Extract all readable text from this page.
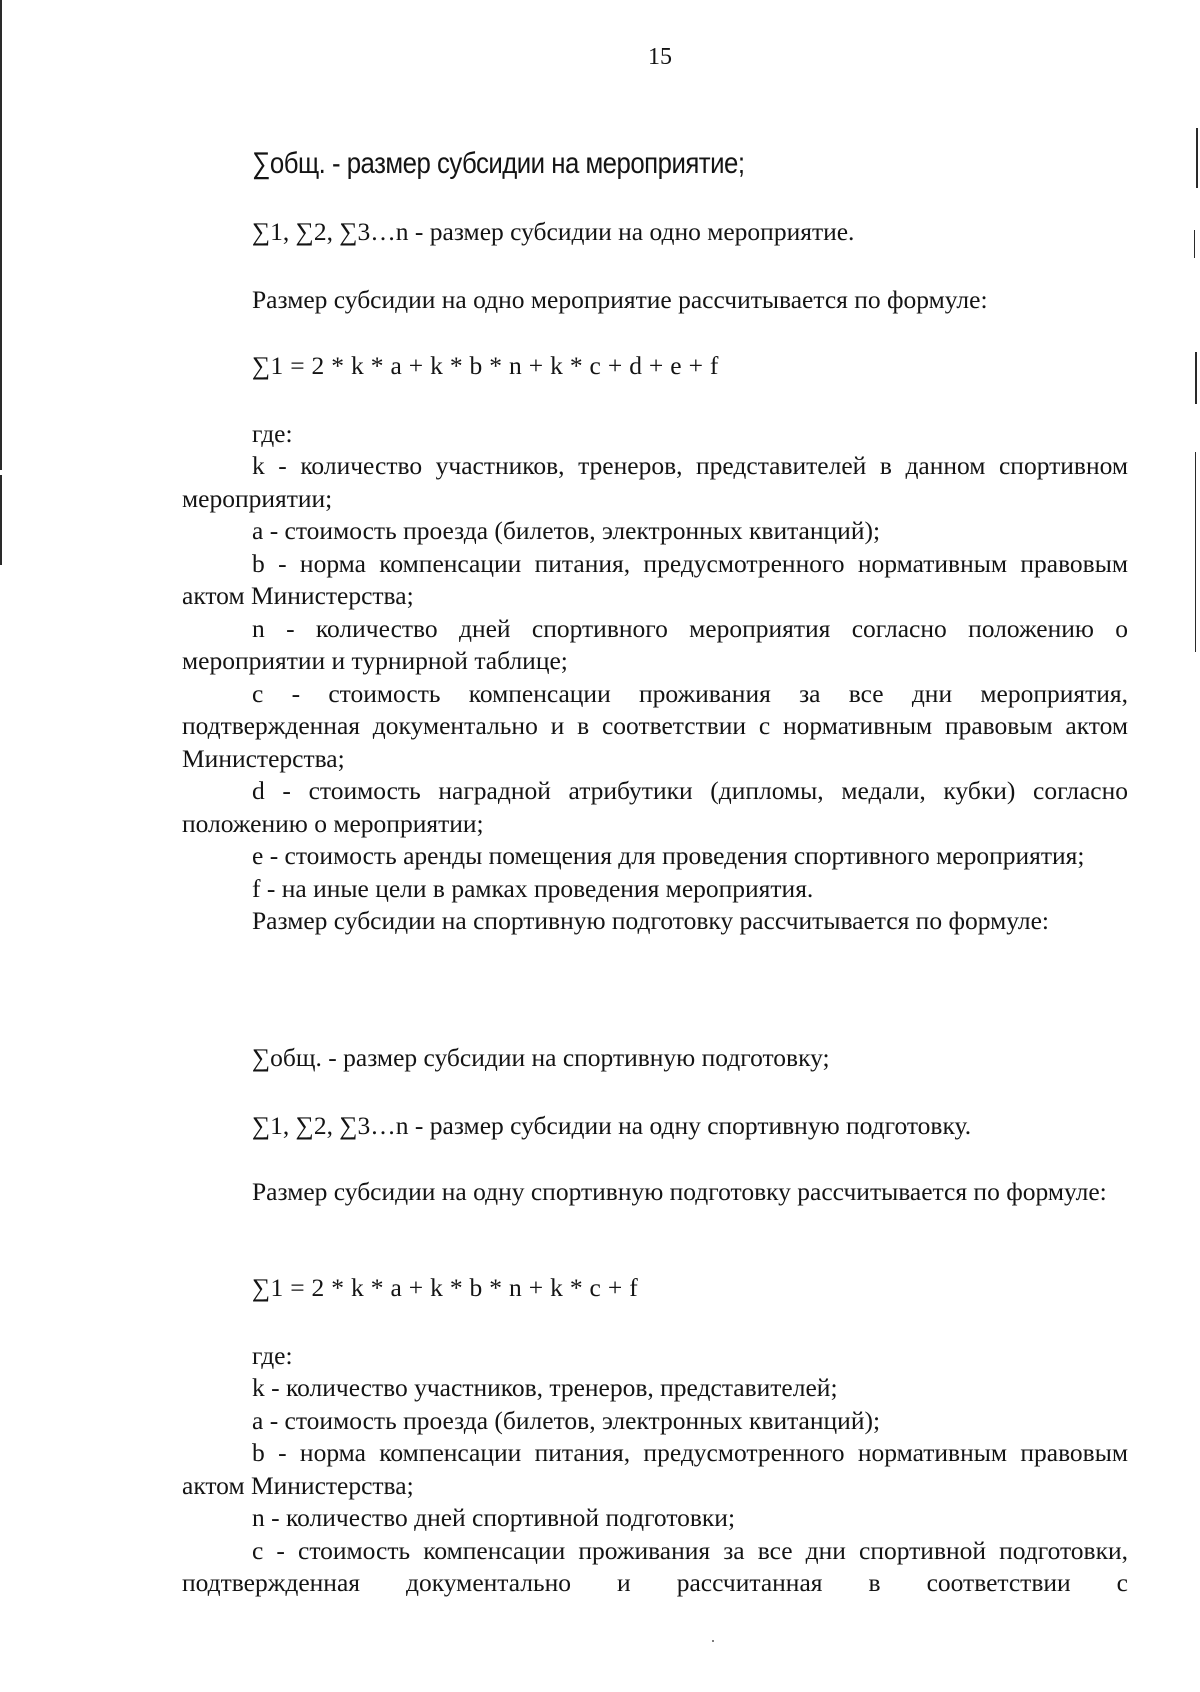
15
∑общ. - размер субсидии на мероприятие;
∑1, ∑2, ∑3…n - размер субсидии на одно мероприятие.
Размер субсидии на одно мероприятие рассчитывается по формуле:
∑1 = 2 * k * a + k * b * n + k * c + d + e + f
где:

k - количество участников, тренеров, представителей в данном спортивном мероприятии;

a - стоимость проезда (билетов, электронных квитанций);

b - норма компенсации питания, предусмотренного нормативным правовым актом Министерства;

n - количество дней спортивного мероприятия согласно положению о мероприятии и турнирной таблице;

c - стоимость компенсации проживания за все дни мероприятия, подтвержденная документально и в соответствии с нормативным правовым актом Министерства;

d - стоимость наградной атрибутики (дипломы, медали, кубки) согласно положению о мероприятии;

e - стоимость аренды помещения для проведения спортивного мероприятия;

f - на иные цели в рамках проведения мероприятия.

Размер субсидии на спортивную подготовку рассчитывается по формуле:

∑общ. - размер субсидии на спортивную подготовку;
∑1, ∑2, ∑3…n - размер субсидии на одну спортивную подготовку.

Размер субсидии на одну спортивную подготовку рассчитывается по формуле:

∑1 = 2 * k * a + k * b * n + k * c + f
где:

k - количество участников, тренеров, представителей;

a - стоимость проезда (билетов, электронных квитанций);

b - норма компенсации питания, предусмотренного нормативным правовым актом Министерства;

n - количество дней спортивной подготовки;

c - стоимость компенсации проживания за все дни спортивной подготовки, подтвержденная документально и рассчитанная в соответствии с
